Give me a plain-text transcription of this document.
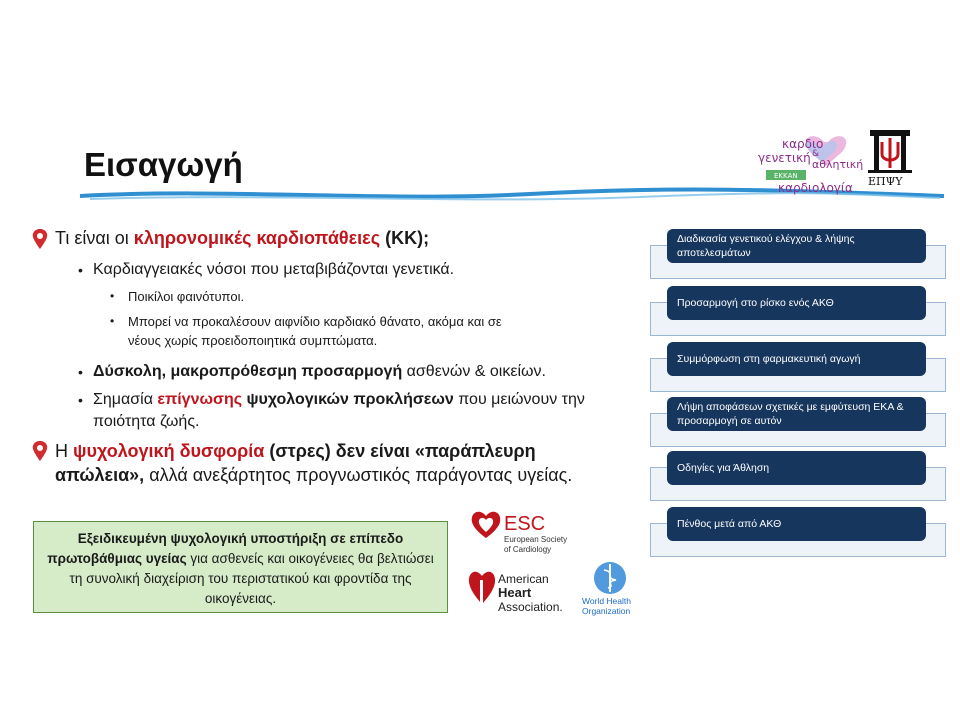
Εισαγωγή
καρδιο
γενετική &
αθλητική
ΕΚΚΑΝ
καρδιολογία ΕΠΨΥ
Τι είναι οι κληρονομικές καρδιοπάθειες (ΚΚ);
• Καρδιαγγειακές νόσοι που μεταβιβάζονται γενετικά.
• Ποικίλοι φαινότυποι.
• Μπορεί να προκαλέσουν αιφνίδιο καρδιακό θάνατο, ακόμα και σε
νέους χωρίς προειδοποιητικά συμπτώματα.
• Δύσκολη, μακροπρόθεσμη προσαρμογή ασθενών & οικείων.
• Σημασία επίγνωσης ψυχολογικών προκλήσεων που μειώνουν την
ποιότητα ζωής.
Η ψυχολογική δυσφορία (στρες) δεν είναι «παράπλευρη
απώλεια», αλλά ανεξάρτητος προγνωστικός παράγοντας υγείας.
Εξειδικευμένη ψυχολογική υποστήριξη σε επίπεδο πρωτοβάθμιας υγείας για ασθενείς και οικογένειες θα βελτιώσει τη συνολική διαχείριση του περιστατικού και φροντίδα της οικογένειας.
ESC
European Society
of Cardiology
American
Heart
Association. World Health
Organization
Διαδικασία γενετικού ελέγχου & λήψης αποτελεσμάτων
Προσαρμογή στο ρίσκο ενός ΑΚΘ
Συμμόρφωση στη φαρμακευτική αγωγή
Λήψη αποφάσεων σχετικές με εμφύτευση ΕΚΑ & προσαρμογή σε αυτόν
Οδηγίες για Άθληση
Πένθος μετά από ΑΚΘ
